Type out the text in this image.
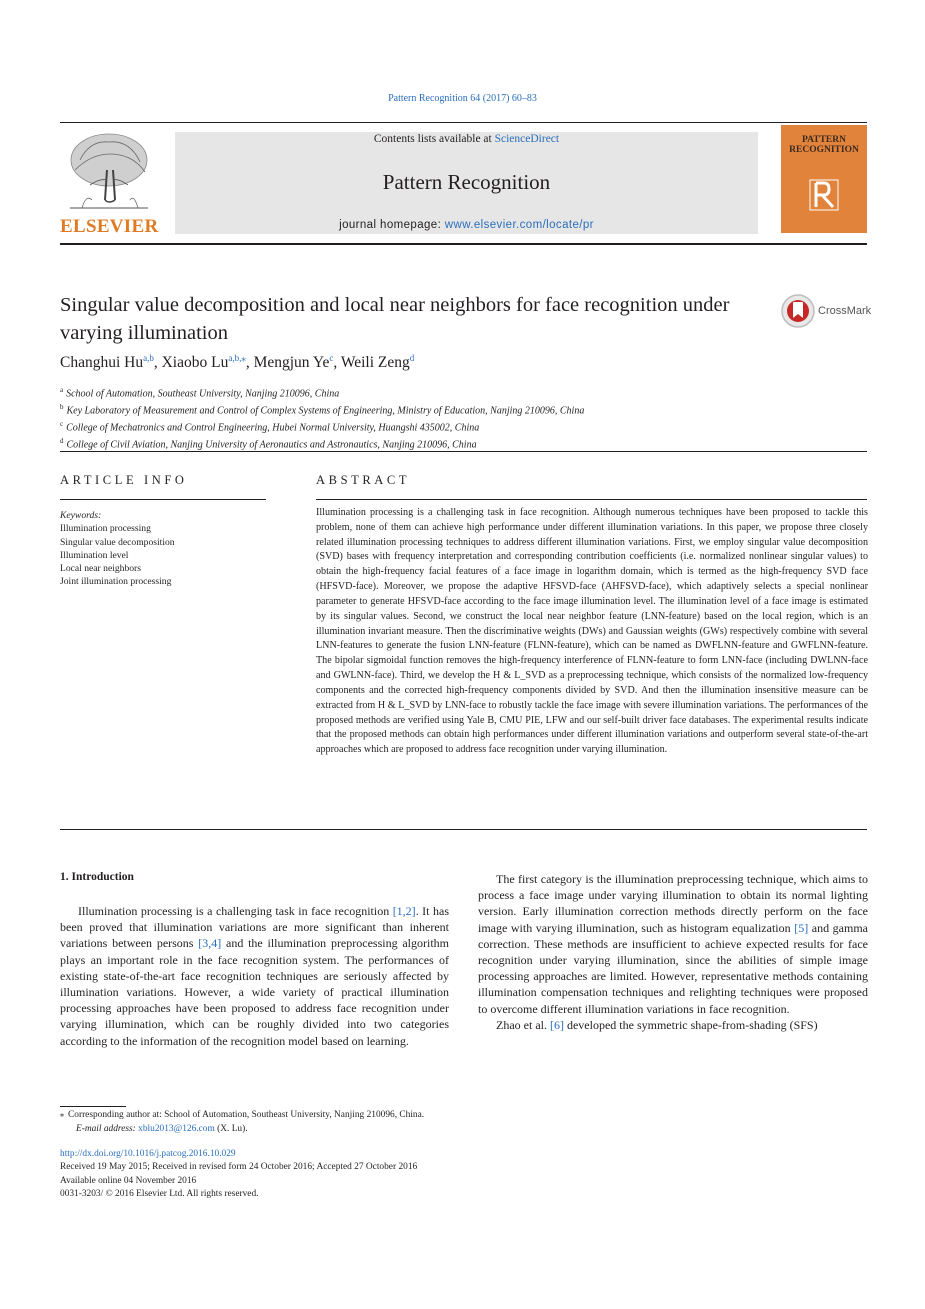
Pattern Recognition 64 (2017) 60–83
ELSEVIER
Contents lists available at ScienceDirect
Pattern Recognition
journal homepage: www.elsevier.com/locate/pr
PATTERN
RECOGNITION
Singular value decomposition and local near neighbors for face recognition under varying illumination
CrossMark
Changhui Hu$^{a,b}$, Xiaobo $Lu^{a,b,⁎}$, Mengjun Ye$^c$, Weili Zeng$^d$
$^a$ School of Automation, Southeast University, Nanjing 210096, China
$^b$ Key Laboratory of Measurement and Control of Complex Systems of Engineering, Ministry of Education, Nanjing 210096, China
$^c$ College of Mechatronics and Control Engineering, Hubei Normal University, Huangshi 435002, China
$^d$ College of Civil Aviation, Nanjing University of Aeronautics and Astronautics, Nanjing 210096, China
ARTICLE INFO	ABSTRACT
Keywords:
Illumination processing
Singular value decomposition
Illumination level
Local near neighbors
Joint illumination processing
Illumination processing is a challenging task in face recognition. Although numerous techniques have been proposed to tackle this problem, none of them can achieve high performance under different illumination variations. In this paper, we propose three closely related illumination processing techniques to address different illumination variations. First, we employ singular value decomposition (SVD) bases with frequency interpretation and corresponding contribution coefficients (i.e. normalized nonlinear singular values) to obtain the high-frequency facial features of a face image in logarithm domain, which is termed as the high-frequency SVD face (HFSVD-face). Moreover, we propose the adaptive HFSVD-face (AHFSVD-face), which adaptively selects a special nonlinear parameter to generate HFSVD-face according to the face image illumination level. The illumination level of a face image is estimated by its singular values. Second, we construct the local near neighbor feature (LNN-feature) based on the local region, which is an illumination invariant measure. Then the discriminative weights (DWs) and Gaussian weights (GWs) respectively combine with several LNN-features to generate the fusion LNN-feature (FLNN-feature), which can be named as DWFLNN-feature and GWFLNN-feature. The bipolar sigmoidal function removes the high-frequency interference of FLNN-feature to form LNN-face (including DWLNN-face and GWLNN-face). Third, we develop the H & L_SVD as a preprocessing technique, which consists of the normalized low-frequency components and the corrected high-frequency components divided by SVD. And then the illumination insensitive measure can be extracted from H & L_SVD by LNN-face to robustly tackle the face image with severe illumination variations. The performances of the proposed methods are verified using Yale B, CMU PIE, LFW and our self-built driver face databases. The experimental results indicate that the proposed methods can obtain high performances under different illumination variations and outperform several state-of-the-art approaches which are proposed to address face recognition under varying illumination.
1. Introduction

Illumination processing is a challenging task in face recognition [1,2]. It has been proved that illumination variations are more significant than inherent variations between persons [3,4] and the illumination preprocessing algorithm plays an important role in the face recognition system. The performances of existing state-of-the-art face recognition techniques are seriously affected by illumination variations. However, a wide variety of practical illumination processing approaches have been proposed to address face recognition under varying illumination, which can be roughly divided into two categories according to the information of the recognition model based on learning.

The first category is the illumination preprocessing technique, which aims to process a face image under varying illumination to obtain its normal lighting version. Early illumination correction methods directly perform on the face image with varying illumination, such as histogram equalization [5] and gamma correction. These methods are insufficient to achieve expected results for face recognition under varying illumination, since the abilities of simple image processing approaches are limited. However, representative methods containing illumination compensation techniques and relighting techniques were proposed to overcome different illumination variations in face recognition.

Zhao et al. [6] developed the symmetric shape-from-shading (SFS)

⁎ Corresponding author at: School of Automation, Southeast University, Nanjing 210096, China.
E-mail address: xblu2013@126.com (X. Lu).
http://dx.doi.org/10.1016/j.patcog.2016.10.029
Received 19 May 2015; Received in revised form 24 October 2016; Accepted 27 October 2016
Available online 04 November 2016
0031-3203/ © 2016 Elsevier Ltd. All rights reserved.
